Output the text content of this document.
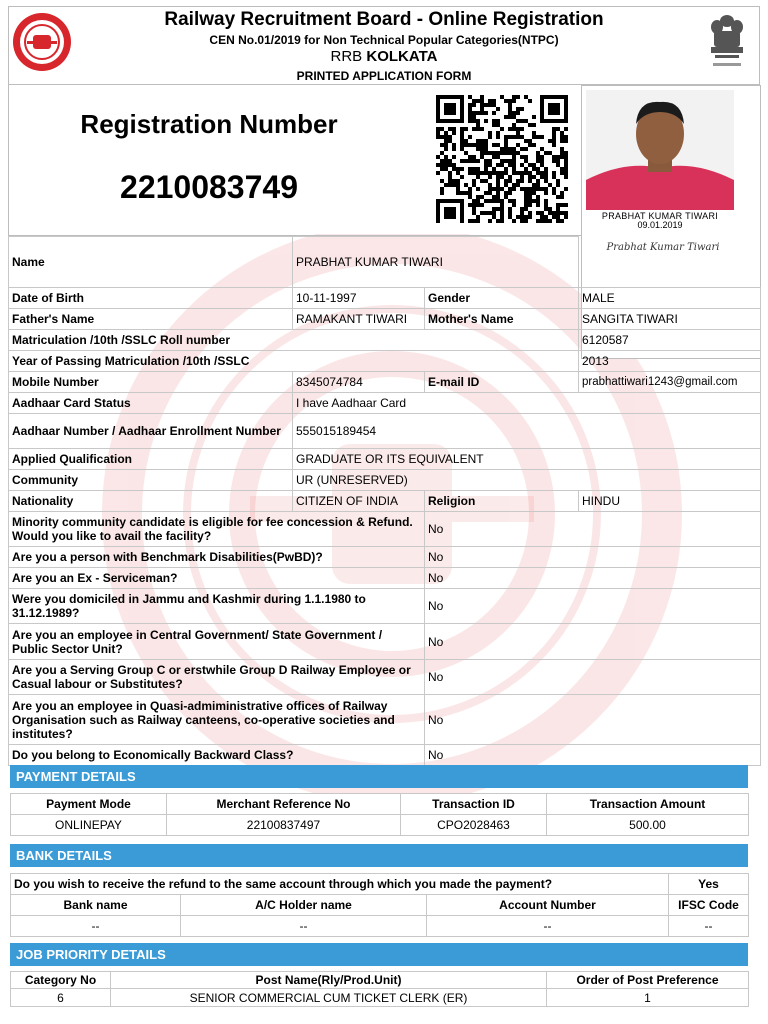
Railway Recruitment Board - Online Registration
CEN No.01/2019 for Non Technical Popular Categories(NTPC)
RRB KOLKATA
PRINTED APPLICATION FORM
Registration Number
2210083749
PRABHAT KUMAR TIWARI
09.01.2019
Prabhat Kumar Tiwari
Name	PRABHAT KUMAR TIWARI		
Date of Birth	10-11-1997	Gender	MALE
Father's Name	RAMAKANT TIWARI	Mother's Name	SANGITA TIWARI
Matriculation /10th /SSLC Roll number			6120587
Year of Passing Matriculation /10th /SSLC			2013
Mobile Number	8345074784	E-mail ID	prabhattiwari1243@gmail.com
Aadhaar Card Status	I have Aadhaar Card		
Aadhaar Number / Aadhaar Enrollment Number	555015189454		
Applied Qualification	GRADUATE OR ITS EQUIVALENT		
Community	UR (UNRESERVED)		
Nationality	CITIZEN OF INDIA	Religion	HINDU
Minority community candidate is eligible for fee concession & Refund. Would you like to avail the facility?		No	
Are you a person with Benchmark Disabilities(PwBD)?		No	
Are you an Ex - Serviceman?		No	
Were you domiciled in Jammu and Kashmir during 1.1.1980 to 31.12.1989?		No	
Are you an employee in Central Government/ State Government / Public Sector Unit?		No	
Are you a Serving Group C or erstwhile Group D Railway Employee or Casual labour or Substitutes?		No	
Are you an employee in Quasi-admiministrative offices of Railway Organisation such as Railway canteens, co-operative societies and institutes?		No	
Do you belong to Economically Backward Class?		No	
PAYMENT DETAILS
Payment Mode	Merchant Reference No	Transaction ID	Transaction Amount
ONLINEPAY	22100837497	CPO2028463	500.00
BANK DETAILS
Do you wish to receive the refund to the same account through which you made the payment?			Yes
Bank name	A/C Holder name	Account Number	IFSC Code
--	--	--	--
JOB PRIORITY DETAILS
Category No	Post Name(Rly/Prod.Unit)	Order of Post Preference
6	SENIOR COMMERCIAL CUM TICKET CLERK (ER)	1
